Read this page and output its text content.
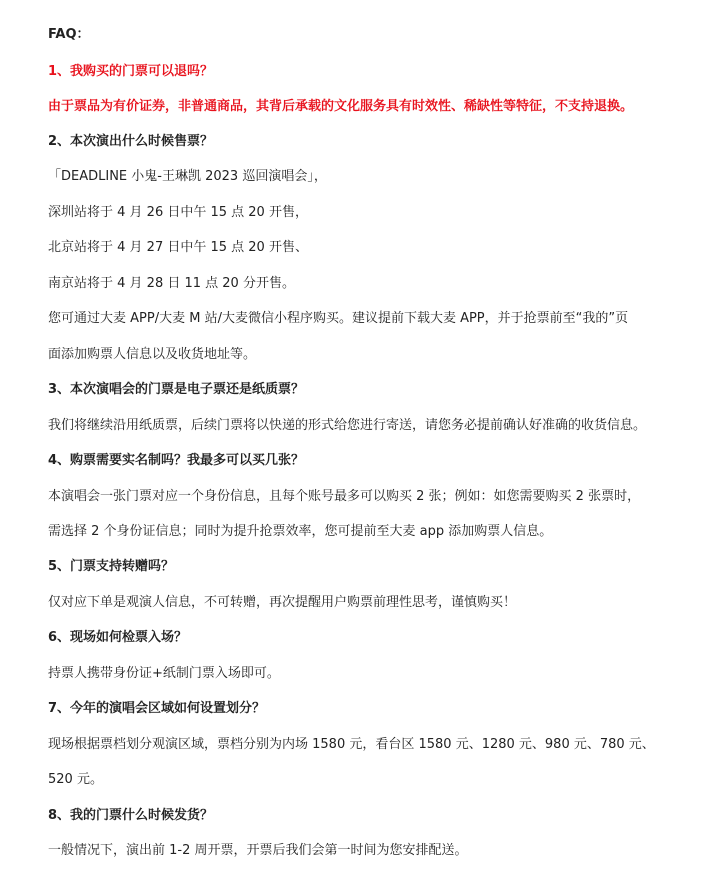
FAQ：

1、我购买的门票可以退吗？

由于票品为有价证券，非普通商品，其背后承载的文化服务具有时效性、稀缺性等特征，不支持退换。

2、本次演出什么时候售票？

「DEADLINE 小鬼-王琳凯 2023 巡回演唱会」，

深圳站将于 4 月 26 日中午 15 点 20 开售，

北京站将于 4 月 27 日中午 15 点 20 开售、

南京站将于 4 月 28 日 11 点 20 分开售。

您可通过大麦 APP/大麦 M 站/大麦微信小程序购买。建议提前下载大麦 APP，并于抢票前至“我的”页

面添加购票人信息以及收货地址等。

3、本次演唱会的门票是电子票还是纸质票？

我们将继续沿用纸质票，后续门票将以快递的形式给您进行寄送，请您务必提前确认好准确的收货信息。

4、购票需要实名制吗？我最多可以买几张？

本演唱会一张门票对应一个身份信息，且每个账号最多可以购买 2 张；例如：如您需要购买 2 张票时，

需选择 2 个身份证信息；同时为提升抢票效率，您可提前至大麦 app 添加购票人信息。

5、门票支持转赠吗？

仅对应下单是观演人信息，不可转赠，再次提醒用户购票前理性思考，谨慎购买！

6、现场如何检票入场？

持票人携带身份证+纸制门票入场即可。

7、今年的演唱会区域如何设置划分？

现场根据票档划分观演区域，票档分别为内场 1580 元，看台区 1580 元、1280 元、980 元、780 元、

520 元。

8、我的门票什么时候发货？

一般情况下，演出前 1-2 周开票，开票后我们会第一时间为您安排配送。
